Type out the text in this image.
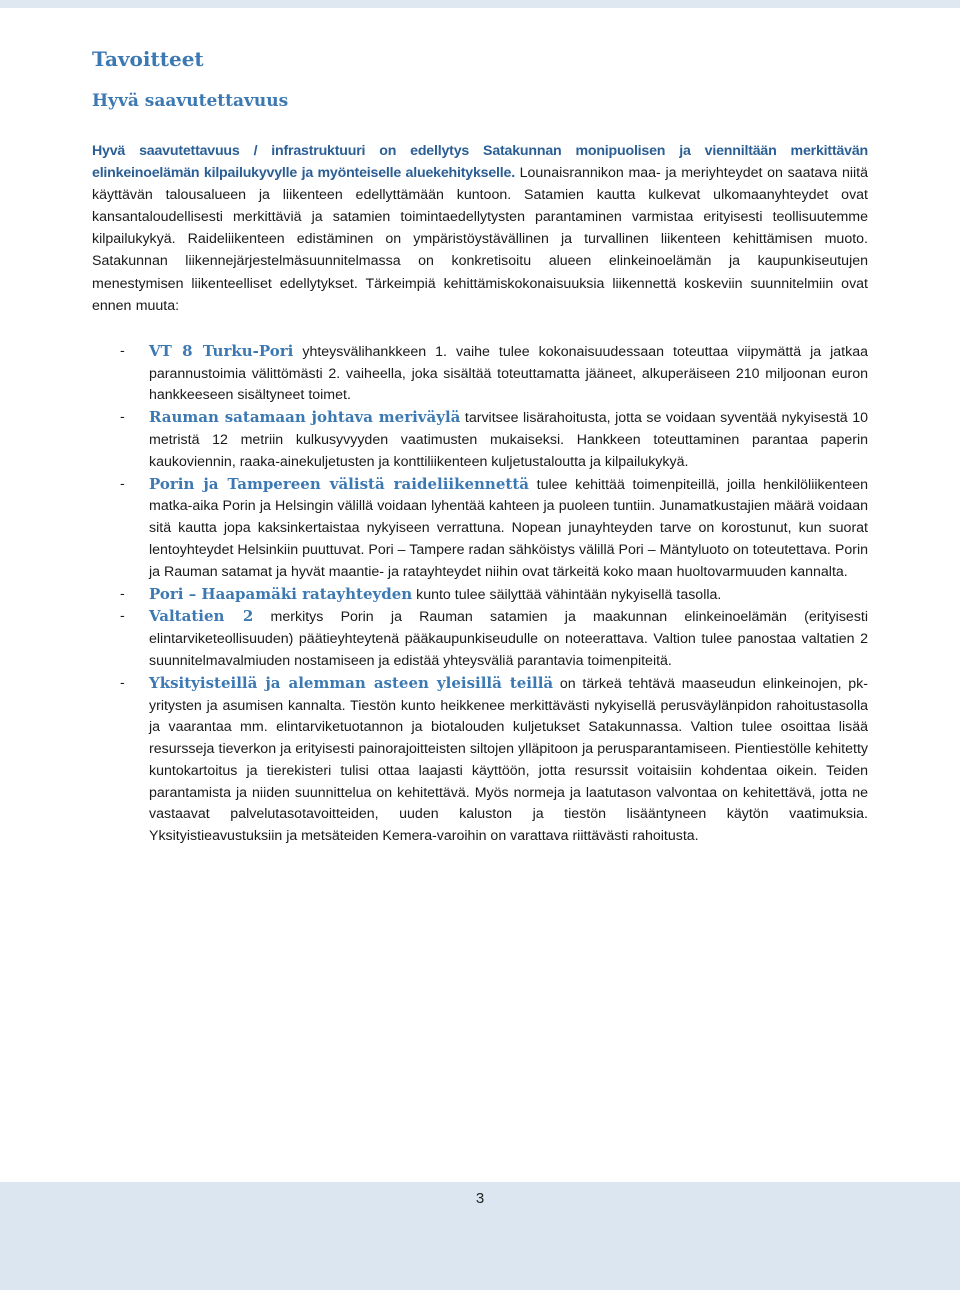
Tavoitteet
Hyvä saavutettavuus

Hyvä saavutettavuus / infrastruktuuri on edellytys Satakunnan monipuolisen ja vienniltään merkittävän elinkeinoelämän kilpailukyvylle ja myönteiselle aluekehitykselle. Lounaisrannikon maa- ja meriyhteydet on saatava niitä käyttävän talousalueen ja liikenteen edellyttämään kuntoon. Satamien kautta kulkevat ulkomaanyhteydet ovat kansantaloudellisesti merkittäviä ja satamien toimintaedellytysten parantaminen varmistaa erityisesti teollisuutemme kilpailukykyä. Raideliikenteen edistäminen on ympäristöystävällinen ja turvallinen liikenteen kehittämisen muoto. Satakunnan liikennejärjestelmäsuunnitelmassa on konkretisoitu alueen elinkeinoelämän ja kaupunkiseutujen menestymisen liikenteelliset edellytykset. Tärkeimpiä kehittämiskokonaisuuksia liikennettä koskeviin suunnitelmiin ovat ennen muuta:

-	VT 8 Turku-Pori yhteysvälihankkeen 1. vaihe tulee kokonaisuudessaan toteuttaa viipymättä ja jatkaa parannustoimia välittömästi 2. vaiheella, joka sisältää toteuttamatta jääneet, alkuperäiseen 210 miljoonan euron hankkeeseen sisältyneet toimet.
-	Rauman satamaan johtava meriväylä tarvitsee lisärahoitusta, jotta se voidaan syventää nykyisestä 10 metristä 12 metriin kulkusyvyyden vaatimusten mukaiseksi. Hankkeen toteuttaminen parantaa paperin kaukoviennin, raaka-ainekuljetusten ja konttiliikenteen kuljetustaloutta ja kilpailukykyä.
-	Porin ja Tampereen välistä raideliikennettä tulee kehittää toimenpiteillä, joilla henkilöliikenteen matka-aika Porin ja Helsingin välillä voidaan lyhentää kahteen ja puoleen tuntiin. Junamatkustajien määrä voidaan sitä kautta jopa kaksinkertaistaa nykyiseen verrattuna. Nopean junayhteyden tarve on korostunut, kun suorat lentoyhteydet Helsinkiin puuttuvat. Pori – Tampere radan sähköistys välillä Pori – Mäntyluoto on toteutettava. Porin ja Rauman satamat ja hyvät maantie- ja ratayhteydet niihin ovat tärkeitä koko maan huoltovarmuuden kannalta.
-	Pori – Haapamäki ratayhteyden kunto tulee säilyttää vähintään nykyisellä tasolla.
-	Valtatien 2 merkitys Porin ja Rauman satamien ja maakunnan elinkeinoelämän (erityisesti elintarviketeollisuuden) päätieyhteytenä pääkaupunkiseudulle on noteerattava. Valtion tulee panostaa valtatien 2 suunnitelmavalmiuden nostamiseen ja edistää yhteysväliä parantavia toimenpiteitä.
-	Yksityisteillä ja alemman asteen yleisillä teillä on tärkeä tehtävä maaseudun elinkeinojen, pk-yritysten ja asumisen kannalta. Tiestön kunto heikkenee merkittävästi nykyisellä perusväylänpidon rahoitustasolla ja vaarantaa mm. elintarviketuotannon ja biotalouden kuljetukset Satakunnassa. Valtion tulee osoittaa lisää resursseja tieverkon ja erityisesti painorajoitteisten siltojen ylläpitoon ja perusparantamiseen. Pientiestölle kehitetty kuntokartoitus ja tierekisteri tulisi ottaa laajasti käyttöön, jotta resurssit voitaisiin kohdentaa oikein. Teiden parantamista ja niiden suunnittelua on kehitettävä. Myös normeja ja laatutason valvontaa on kehitettävä, jotta ne vastaavat palvelutasotavoitteiden, uuden kaluston ja tiestön lisääntyneen käytön vaatimuksia. Yksityistieavustuksiin ja metsäteiden Kemera-varoihin on varattava riittävästi rahoitusta.
3
